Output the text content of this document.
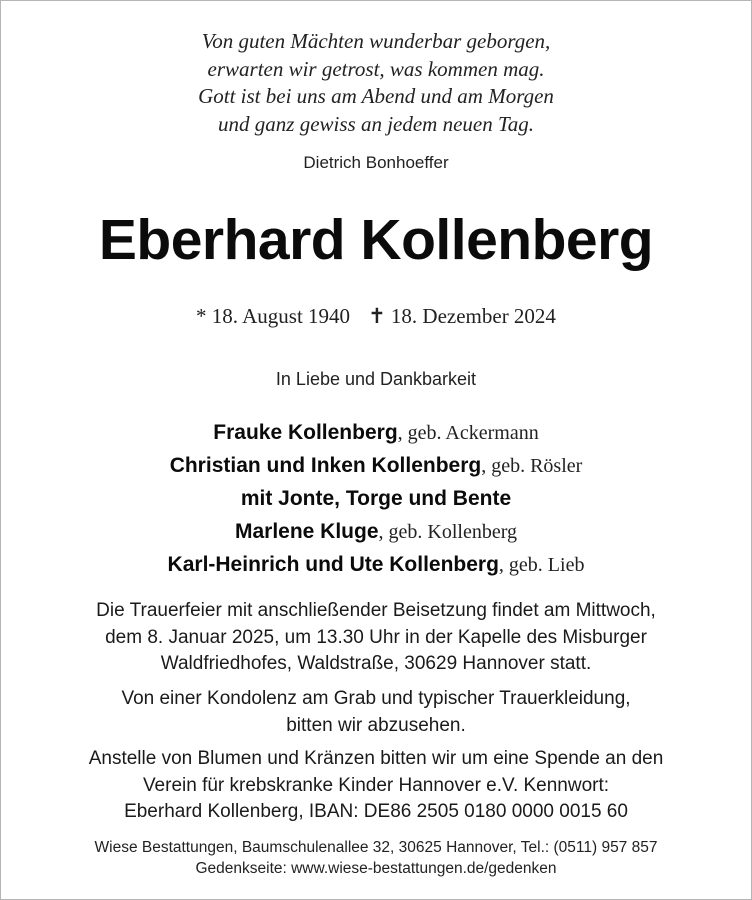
Von guten Mächten wunderbar geborgen,
erwarten wir getrost, was kommen mag.
Gott ist bei uns am Abend und am Morgen
und ganz gewiss an jedem neuen Tag.
Dietrich Bonhoeffer
Eberhard Kollenberg
* 18. August 1940 ✝ 18. Dezember 2024
In Liebe und Dankbarkeit
Frauke Kollenberg, geb. Ackermann
Christian und Inken Kollenberg, geb. Rösler
mit Jonte, Torge und Bente
Marlene Kluge, geb. Kollenberg
Karl-Heinrich und Ute Kollenberg, geb. Lieb
Die Trauerfeier mit anschließender Beisetzung findet am Mittwoch,
dem 8. Januar 2025, um 13.30 Uhr in der Kapelle des Misburger
Waldfriedhofes, Waldstraße, 30629 Hannover statt.
Von einer Kondolenz am Grab und typischer Trauerkleidung,
bitten wir abzusehen.
Anstelle von Blumen und Kränzen bitten wir um eine Spende an den
Verein für krebskranke Kinder Hannover e.V. Kennwort:
Eberhard Kollenberg, IBAN: DE86 2505 0180 0000 0015 60
Wiese Bestattungen, Baumschulenallee 32, 30625 Hannover, Tel.: (0511) 957 857
Gedenkseite: www.wiese-bestattungen.de/gedenken
